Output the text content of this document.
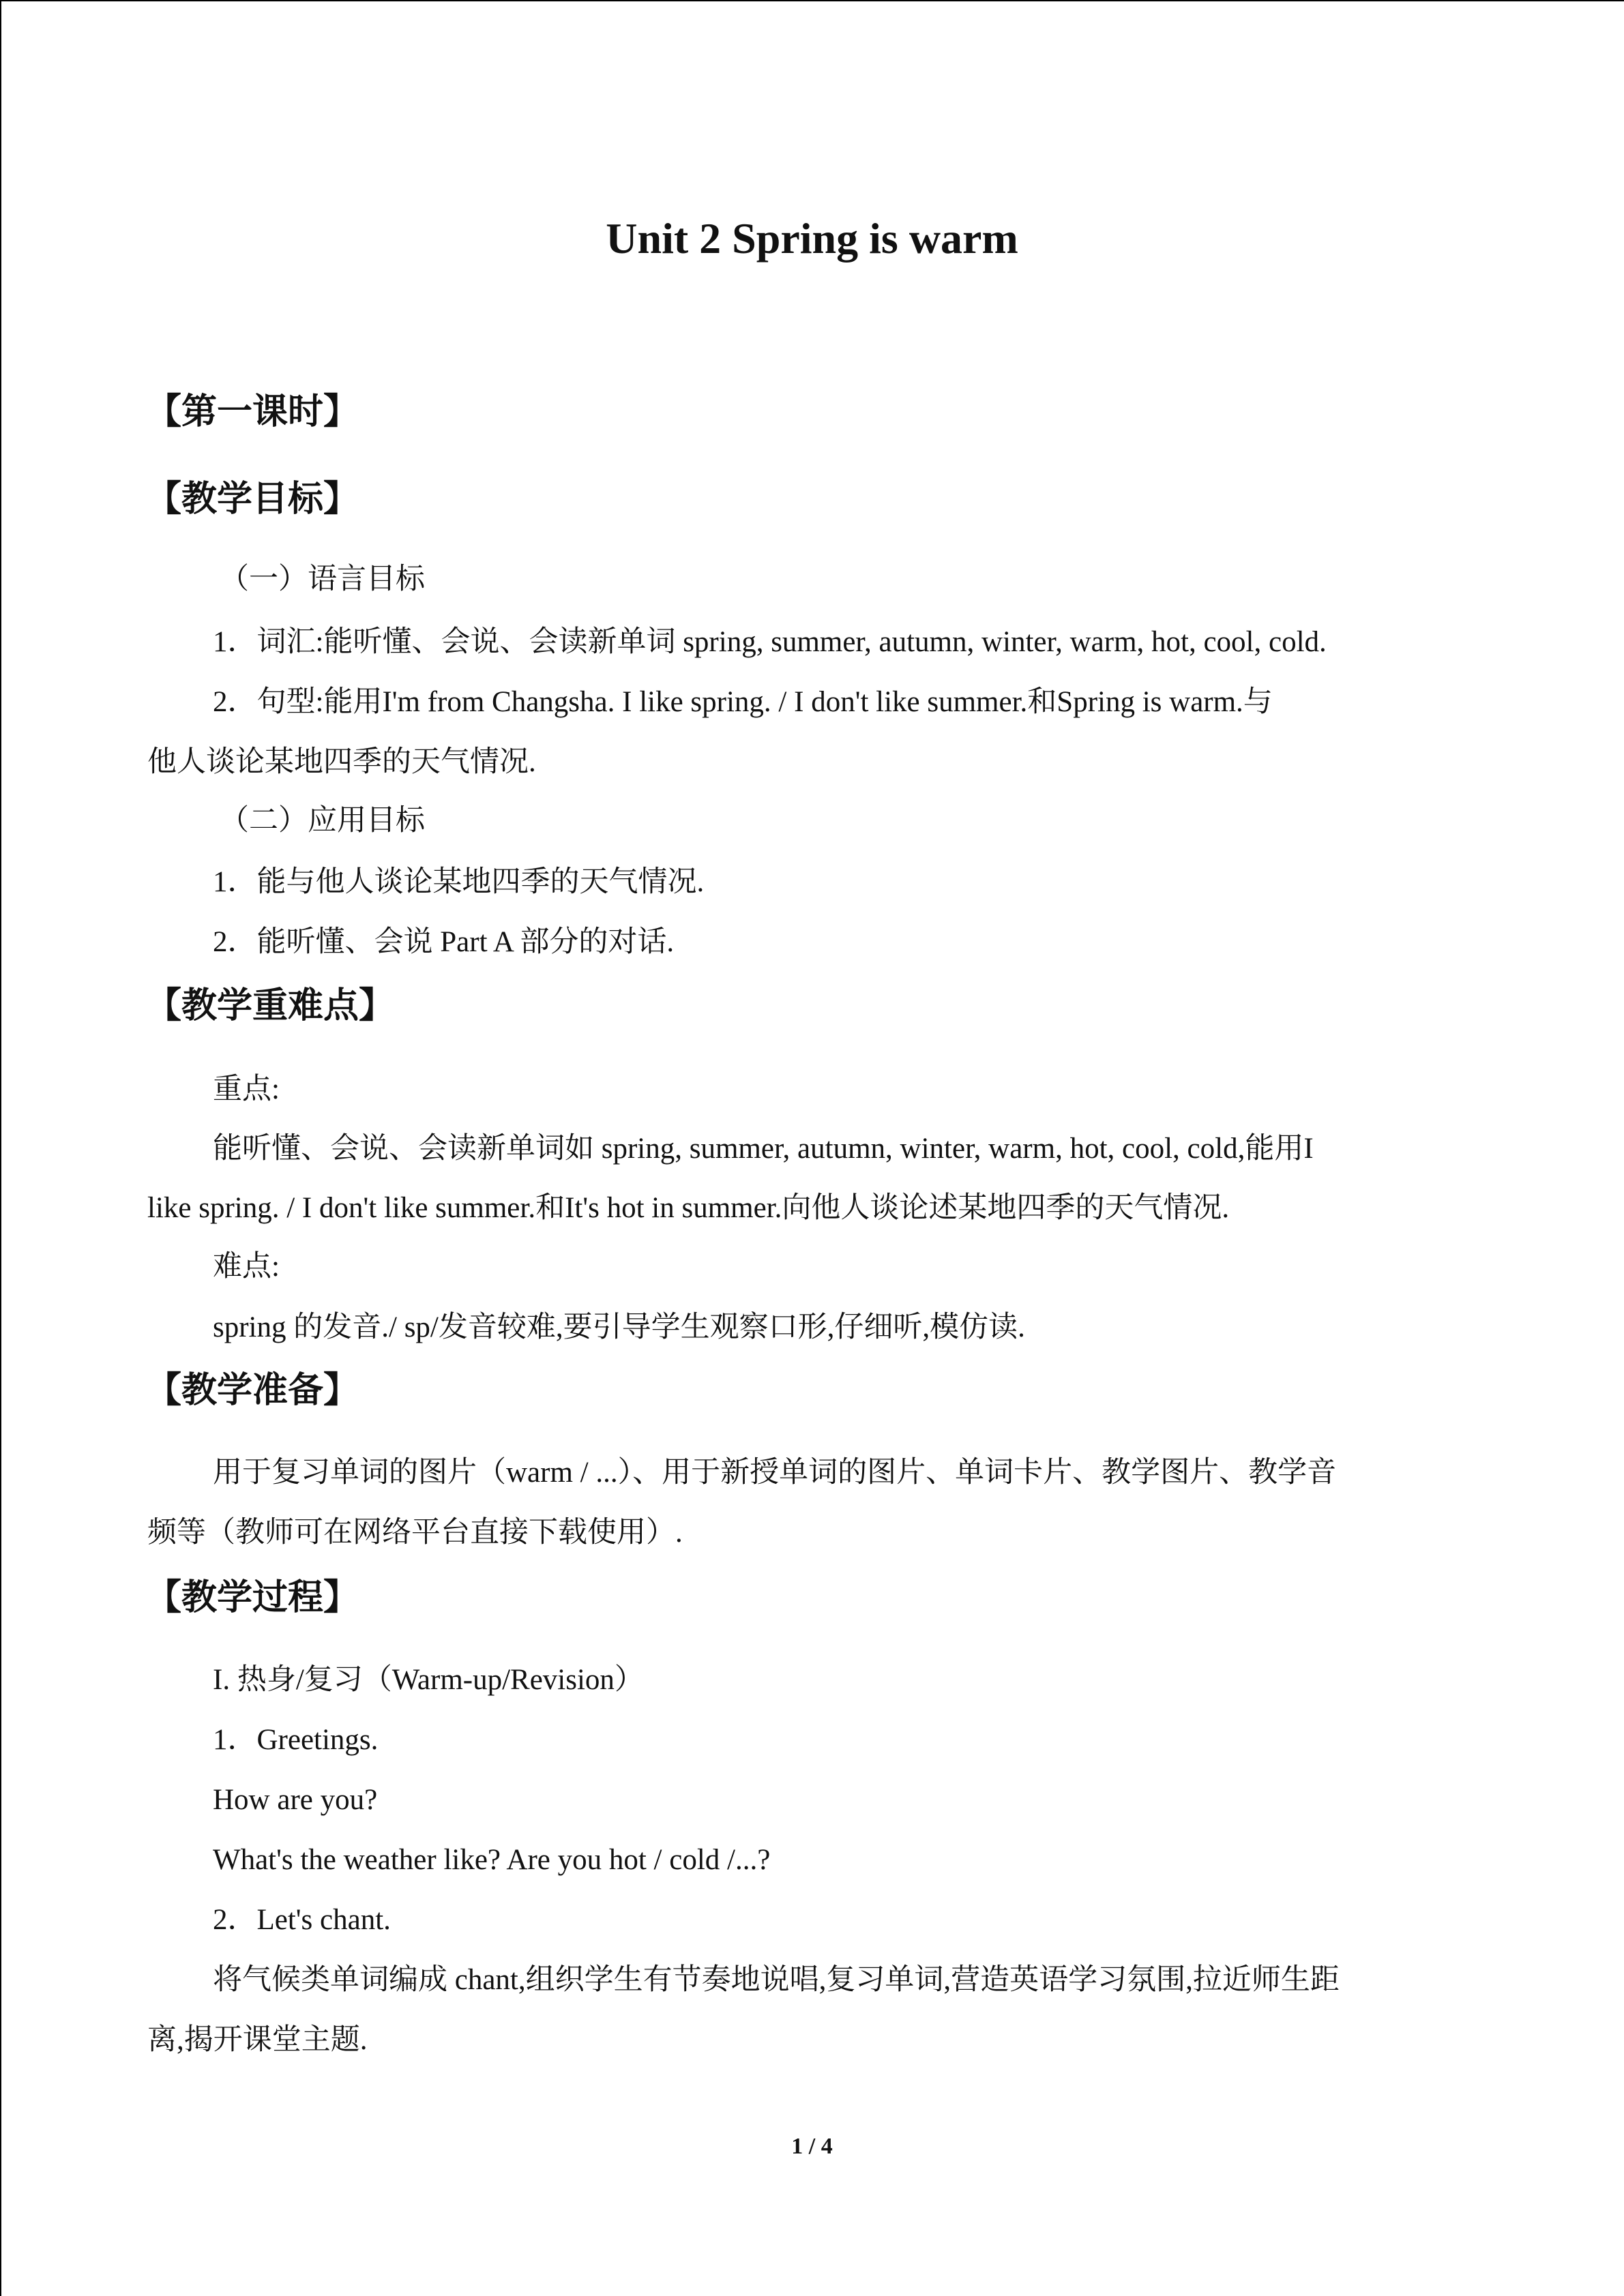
Unit 2 Spring is warm
【第一课时】
【教学目标】

（一）语言目标

1．词汇:能听懂、会说、会读新单词 spring, summer, autumn, winter, warm, hot, cool, cold.

2．句型:能用I'm from Changsha. I like spring. / I don't like summer.和Spring is warm.与

他人谈论某地四季的天气情况.

（二）应用目标

1．能与他人谈论某地四季的天气情况.

2．能听懂、会说 Part A 部分的对话.

【教学重难点】

重点:

能听懂、会说、会读新单词如 spring, summer, autumn, winter, warm, hot, cool, cold,能用I

like spring. / I don't like summer.和It's hot in summer.向他人谈论述某地四季的天气情况.

难点:

spring 的发音./ sp/发音较难,要引导学生观察口形,仔细听,模仿读.

【教学准备】

用于复习单词的图片（warm / ...）、用于新授单词的图片、单词卡片、教学图片、教学音

频等（教师可在网络平台直接下载使用）.

【教学过程】

I. 热身/复习（Warm-up/Revision）

1．Greetings.

How are you?

What's the weather like? Are you hot / cold /...?

2．Let's chant.

将气候类单词编成 chant,组织学生有节奏地说唱,复习单词,营造英语学习氛围,拉近师生距

离,揭开课堂主题.

1 / 4
